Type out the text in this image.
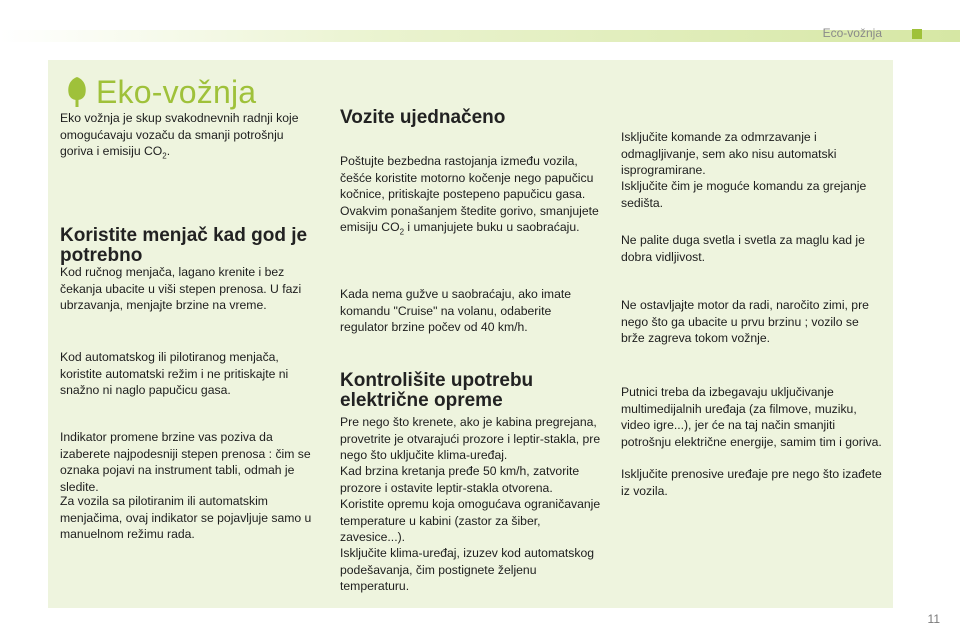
Eco-vožnja
Eko-vožnja
Eko vožnja je skup svakodnevnih radnji koje omogućavaju vozaču da smanji potrošnju goriva i emisiju $CO_2$.
Koristite menjač kad god je potrebno
Kod ručnog menjača, lagano krenite i bez čekanja ubacite u viši stepen prenosa. U fazi ubrzavanja, menjajte brzine na vreme.
Kod automatskog ili pilotiranog menjača, koristite automatski režim i ne pritiskajte ni snažno ni naglo papučicu gasa.
Indikator promene brzine vas poziva da izaberete najpodesniji stepen prenosa : čim se oznaka pojavi na instrument tabli, odmah je sledite.
Za vozila sa pilotiranim ili automatskim menjačima, ovaj indikator se pojavljuje samo u manuelnom režimu rada.
Vozite ujednačeno
Poštujte bezbedna rastojanja između vozila, češće koristite motorno kočenje nego papučicu kočnice, pritiskajte postepeno papučicu gasa. Ovakvim ponašanjem štedite gorivo, smanjujete emisiju $CO_2$ i umanjujete buku u saobraćaju.
Kada nema gužve u saobraćaju, ako imate komandu "Cruise" na volanu, odaberite regulator brzine počev od 40 km/h.
Kontrolišite upotrebu električne opreme
Pre nego što krenete, ako je kabina pregrejana, provetrite je otvarajući prozore i leptir-stakla, pre nego što uključite klima-uređaj.
Kad brzina kretanja pređe 50 km/h, zatvorite prozore i ostavite leptir-stakla otvorena.
Koristite opremu koja omogućava ograničavanje temperature u kabini (zastor za šiber, zavesice...).
Isključite klima-uređaj, izuzev kod automatskog podešavanja, čim postignete željenu temperaturu.
Isključite komande za odmrzavanje i odmagljivanje, sem ako nisu automatski isprogramirane.
Isključite čim je moguće komandu za grejanje sedišta.
Ne palite duga svetla i svetla za maglu kad je dobra vidljivost.
Ne ostavljajte motor da radi, naročito zimi, pre nego što ga ubacite u prvu brzinu ; vozilo se brže zagreva tokom vožnje.
Putnici treba da izbegavaju uključivanje multimedijalnih uređaja (za filmove, muziku, video igre...), jer će na taj način smanjiti potrošnju električne energije, samim tim i goriva.
Isključite prenosive uređaje pre nego što izađete iz vozila.
11
